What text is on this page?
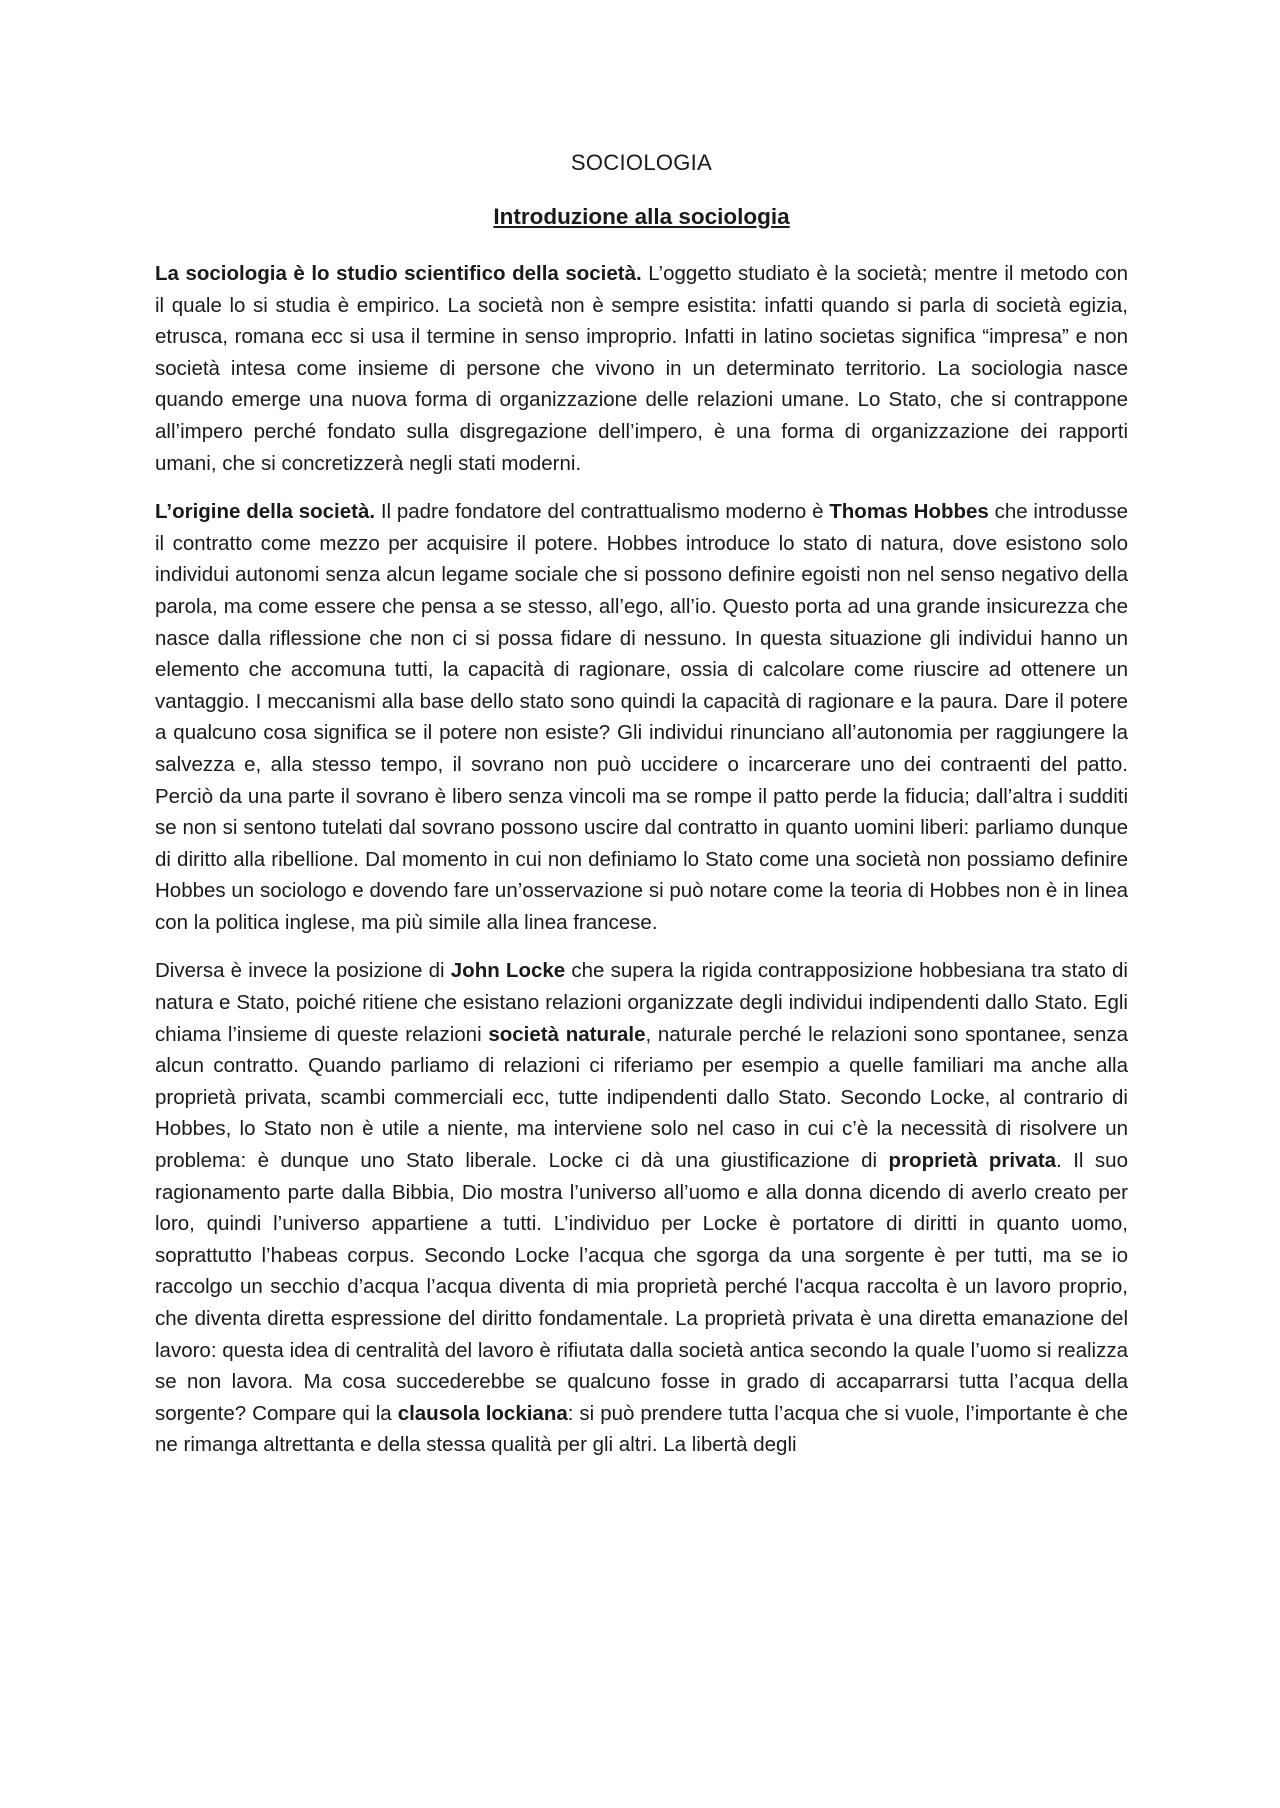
SOCIOLOGIA
Introduzione alla sociologia

La sociologia è lo studio scientifico della società. L’oggetto studiato è la società; mentre il metodo con il quale lo si studia è empirico. La società non è sempre esistita: infatti quando si parla di società egizia, etrusca, romana ecc si usa il termine in senso improprio. Infatti in latino societas significa “impresa” e non società intesa come insieme di persone che vivono in un determinato territorio. La sociologia nasce quando emerge una nuova forma di organizzazione delle relazioni umane. Lo Stato, che si contrappone all’impero perché fondato sulla disgregazione dell’impero, è una forma di organizzazione dei rapporti umani, che si concretizzerà negli stati moderni.

L’origine della società. Il padre fondatore del contrattualismo moderno è Thomas Hobbes che introdusse il contratto come mezzo per acquisire il potere. Hobbes introduce lo stato di natura, dove esistono solo individui autonomi senza alcun legame sociale che si possono definire egoisti non nel senso negativo della parola, ma come essere che pensa a se stesso, all’ego, all’io. Questo porta ad una grande insicurezza che nasce dalla riflessione che non ci si possa fidare di nessuno. In questa situazione gli individui hanno un elemento che accomuna tutti, la capacità di ragionare, ossia di calcolare come riuscire ad ottenere un vantaggio. I meccanismi alla base dello stato sono quindi la capacità di ragionare e la paura. Dare il potere a qualcuno cosa significa se il potere non esiste? Gli individui rinunciano all’autonomia per raggiungere la salvezza e, alla stesso tempo, il sovrano non può uccidere o incarcerare uno dei contraenti del patto. Perciò da una parte il sovrano è libero senza vincoli ma se rompe il patto perde la fiducia; dall’altra i sudditi se non si sentono tutelati dal sovrano possono uscire dal contratto in quanto uomini liberi: parliamo dunque di diritto alla ribellione. Dal momento in cui non definiamo lo Stato come una società non possiamo definire Hobbes un sociologo e dovendo fare un’osservazione si può notare come la teoria di Hobbes non è in linea con la politica inglese, ma più simile alla linea francese.

Diversa è invece la posizione di John Locke che supera la rigida contrapposizione hobbesiana tra stato di natura e Stato, poiché ritiene che esistano relazioni organizzate degli individui indipendenti dallo Stato. Egli chiama l’insieme di queste relazioni società naturale, naturale perché le relazioni sono spontanee, senza alcun contratto. Quando parliamo di relazioni ci riferiamo per esempio a quelle familiari ma anche alla proprietà privata, scambi commerciali ecc, tutte indipendenti dallo Stato. Secondo Locke, al contrario di Hobbes, lo Stato non è utile a niente, ma interviene solo nel caso in cui c’è la necessità di risolvere un problema: è dunque uno Stato liberale. Locke ci dà una giustificazione di proprietà privata. Il suo ragionamento parte dalla Bibbia, Dio mostra l’universo all’uomo e alla donna dicendo di averlo creato per loro, quindi l’universo appartiene a tutti. L’individuo per Locke è portatore di diritti in quanto uomo, soprattutto l’habeas corpus. Secondo Locke l’acqua che sgorga da una sorgente è per tutti, ma se io raccolgo un secchio d’acqua l’acqua diventa di mia proprietà perché l'acqua raccolta è un lavoro proprio, che diventa diretta espressione del diritto fondamentale. La proprietà privata è una diretta emanazione del lavoro: questa idea di centralità del lavoro è rifiutata dalla società antica secondo la quale l’uomo si realizza se non lavora. Ma cosa succederebbe se qualcuno fosse in grado di accaparrarsi tutta l’acqua della sorgente? Compare qui la clausola lockiana: si può prendere tutta l’acqua che si vuole, l’importante è che ne rimanga altrettanta e della stessa qualità per gli altri. La libertà degli
